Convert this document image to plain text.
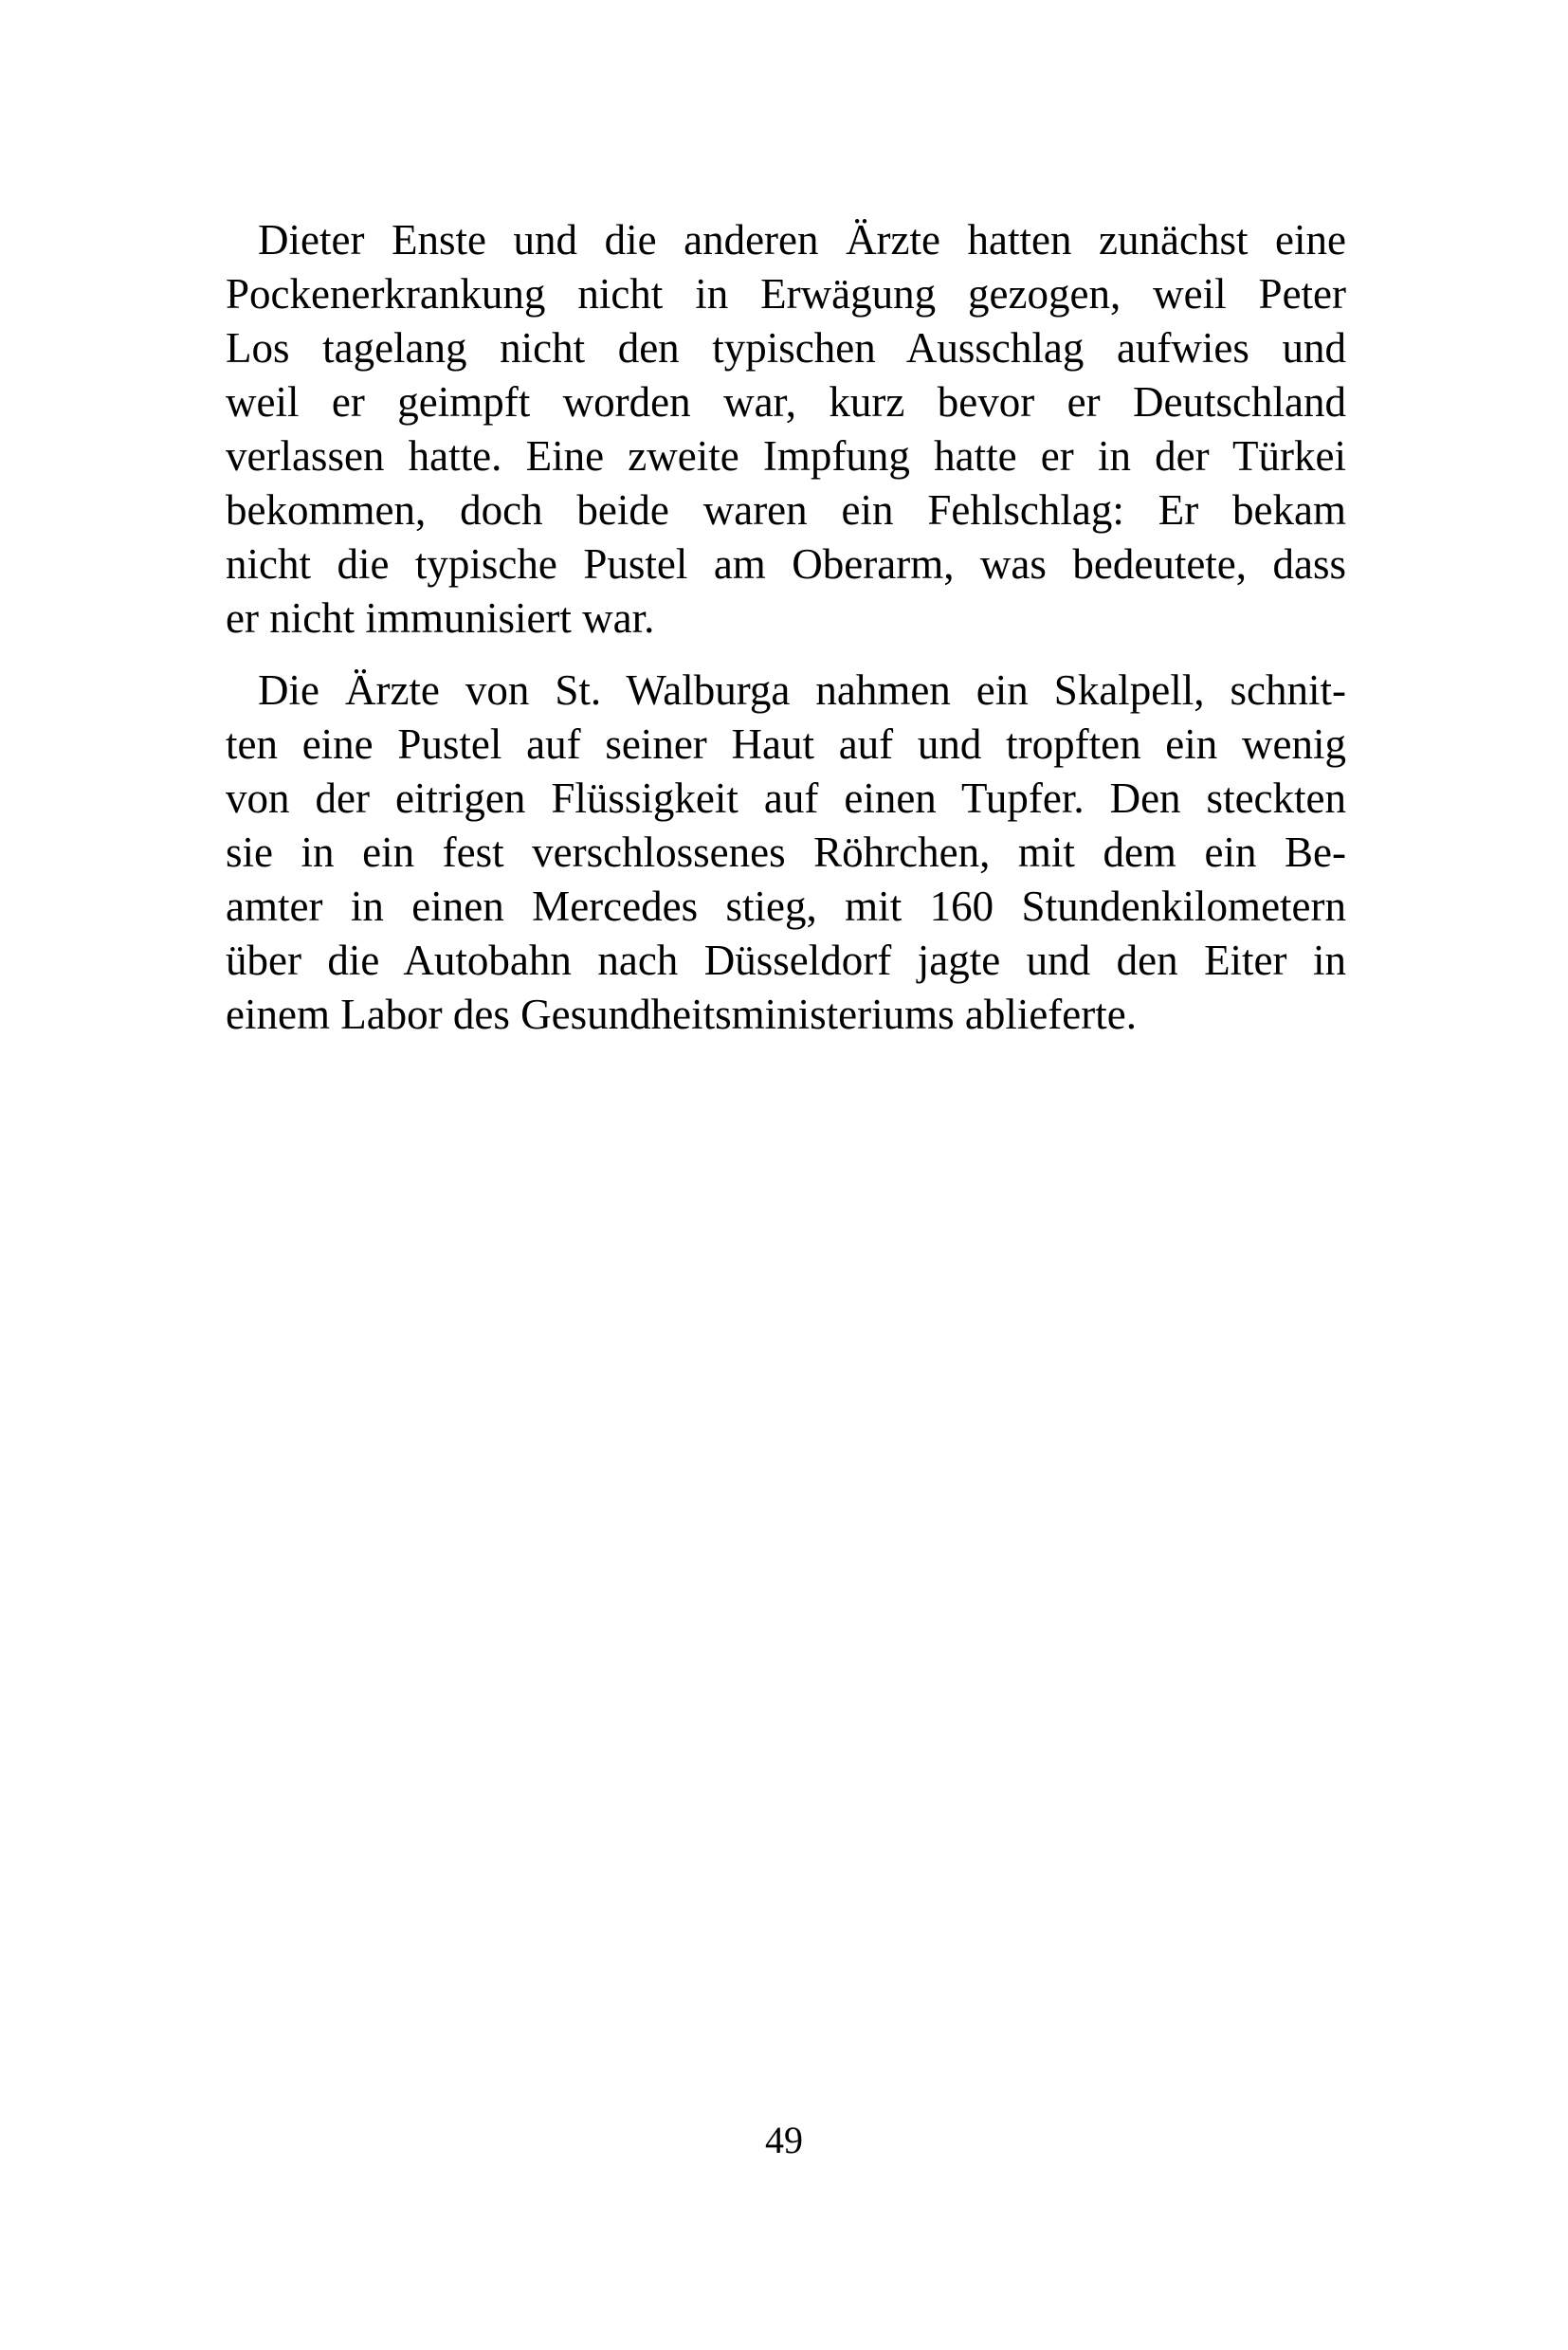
Dieter Enste und die anderen Ärzte hatten zunächst eine
Pockenerkrankung nicht in Erwägung gezogen, weil Peter
Los tagelang nicht den typischen Ausschlag aufwies und
weil er geimpft worden war, kurz bevor er Deutschland
verlassen hatte. Eine zweite Impfung hatte er in der Türkei
bekommen, doch beide waren ein Fehlschlag: Er bekam
nicht die typische Pustel am Oberarm, was bedeutete, dass
er nicht immunisiert war.
Die Ärzte von St. Walburga nahmen ein Skalpell, schnit-
ten eine Pustel auf seiner Haut auf und tropften ein wenig
von der eitrigen Flüssigkeit auf einen Tupfer. Den steckten
sie in ein fest verschlossenes Röhrchen, mit dem ein Be-
amter in einen Mercedes stieg, mit 160 Stundenkilometern
über die Autobahn nach Düsseldorf jagte und den Eiter in
einem Labor des Gesundheitsministeriums ablieferte.
49
